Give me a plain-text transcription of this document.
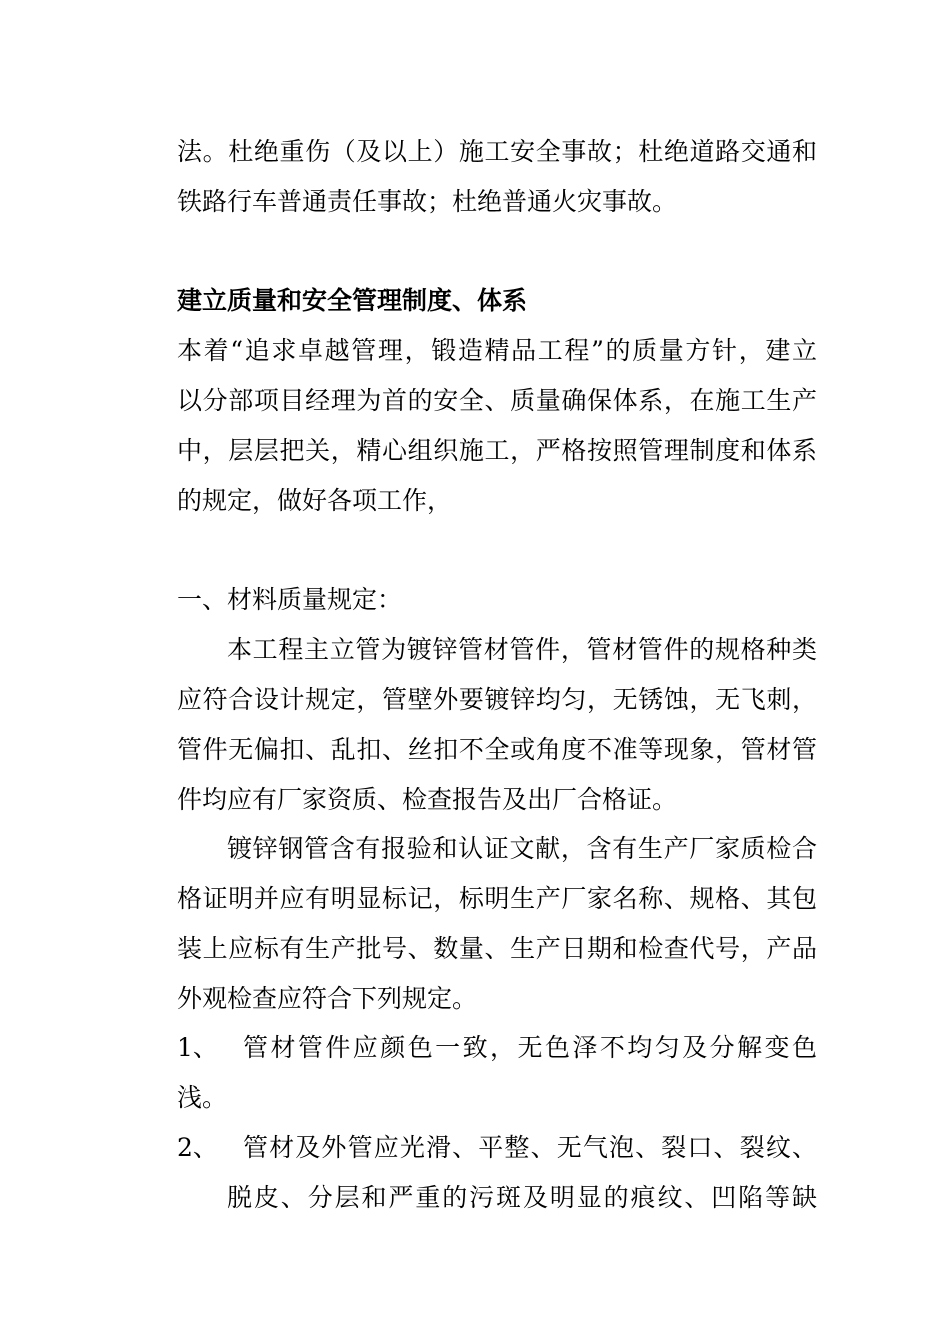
法。杜绝重伤（及以上）施工安全事故；杜绝道路交通和
铁路行车普通责任事故；杜绝普通火灾事故。
建立质量和安全管理制度、体系
本着“追求卓越管理，锻造精品工程”的质量方针，建立
以分部项目经理为首的安全、质量确保体系，在施工生产
中，层层把关，精心组织施工，严格按照管理制度和体系
的规定，做好各项工作，
一、材料质量规定：
本工程主立管为镀锌管材管件，管材管件的规格种类
应符合设计规定，管壁外要镀锌均匀，无锈蚀，无飞刺，
管件无偏扣、乱扣、丝扣不全或角度不准等现象，管材管
件均应有厂家资质、检查报告及出厂合格证。
镀锌钢管含有报验和认证文献，含有生产厂家质检合
格证明并应有明显标记，标明生产厂家名称、规格、其包
装上应标有生产批号、数量、生产日期和检查代号，产品
外观检查应符合下列规定。
1、 管材管件应颜色一致，无色泽不均匀及分解变色
浅。
2、 管材及外管应光滑、平整、无气泡、裂口、裂纹、
脱皮、分层和严重的污斑及明显的痕纹、凹陷等缺
